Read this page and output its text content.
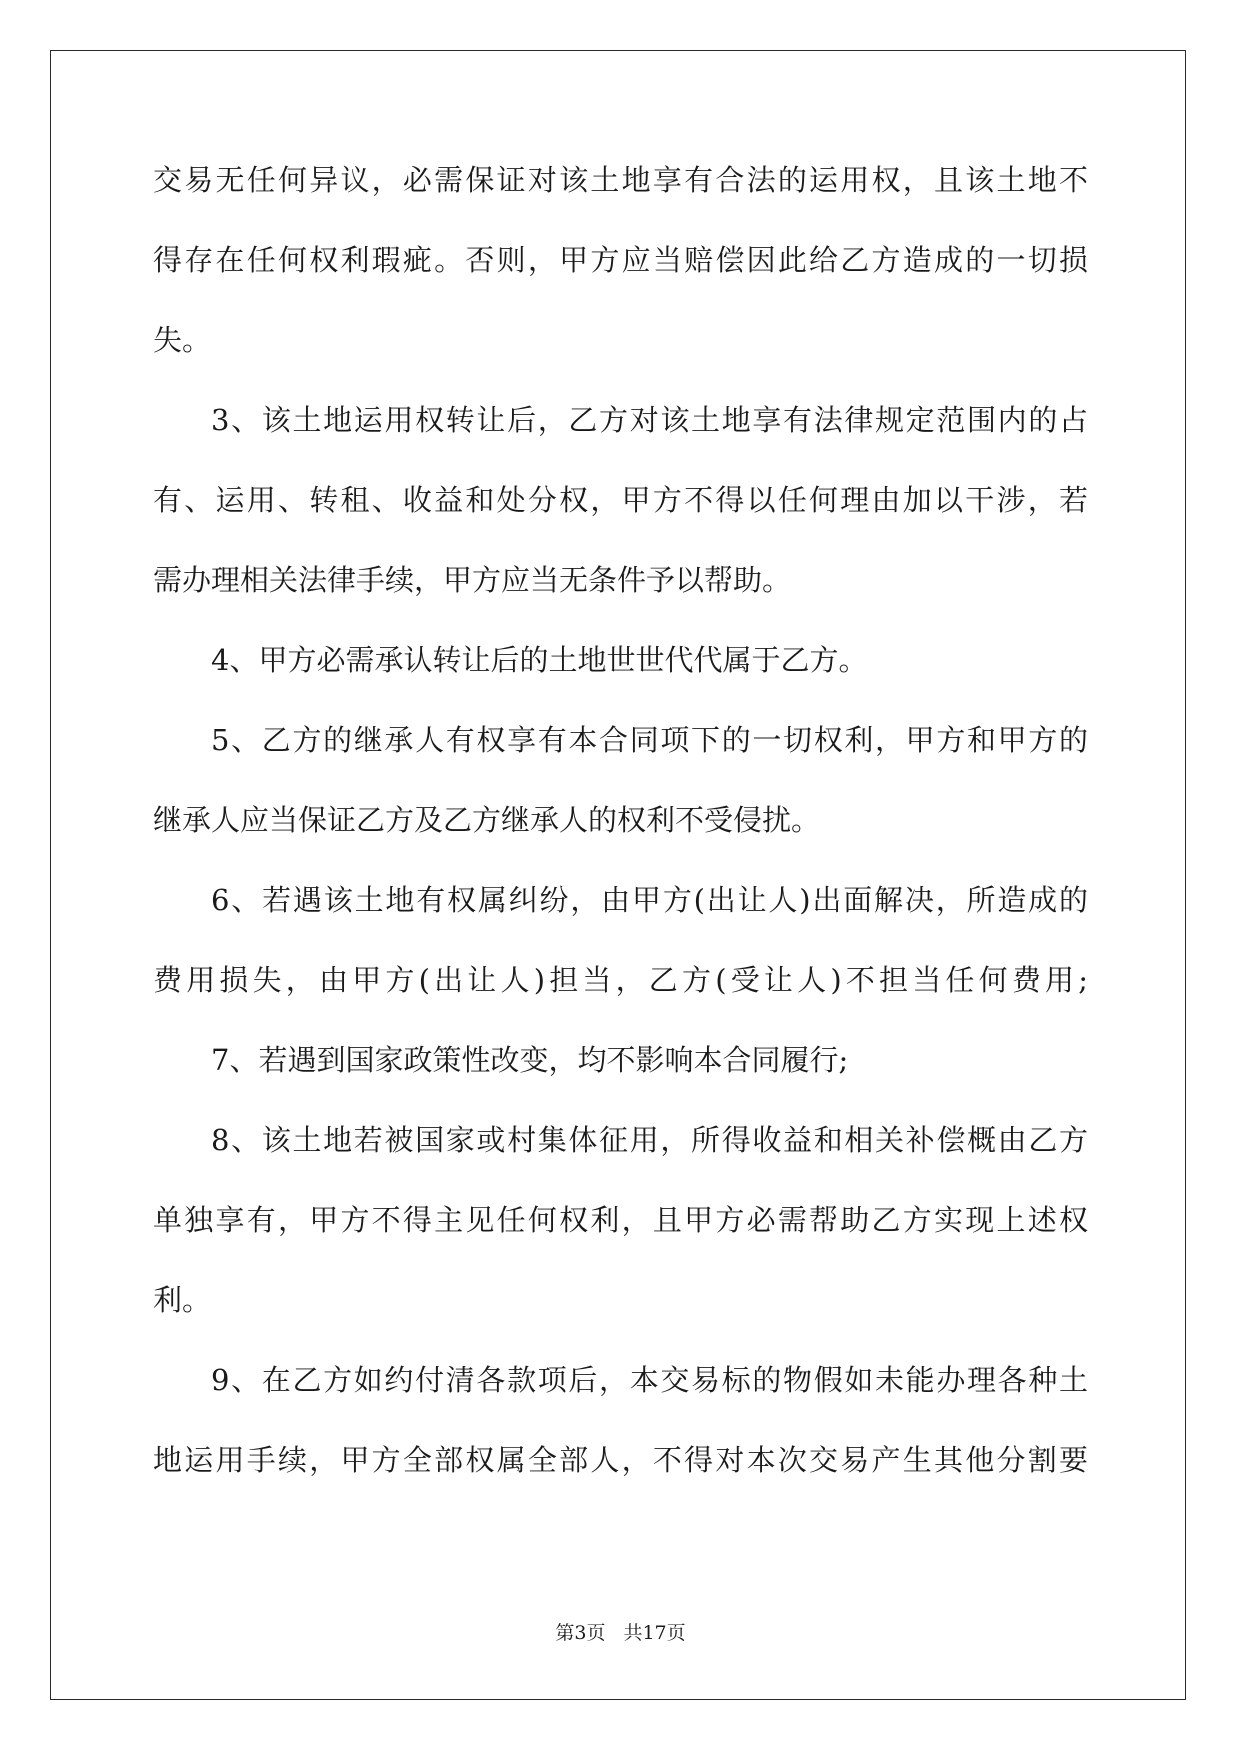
交易无任何异议，必需保证对该土地享有合法的运用权，且该土地不
得存在任何权利瑕疵。否则，甲方应当赔偿因此给乙方造成的一切损
失。
3、该土地运用权转让后，乙方对该土地享有法律规定范围内的占
有、运用、转租、收益和处分权，甲方不得以任何理由加以干涉，若
需办理相关法律手续，甲方应当无条件予以帮助。
4、甲方必需承认转让后的土地世世代代属于乙方。
5、乙方的继承人有权享有本合同项下的一切权利，甲方和甲方的
继承人应当保证乙方及乙方继承人的权利不受侵扰。
6、若遇该土地有权属纠纷，由甲方(出让人)出面解决，所造成的
费用损失，由甲方(出让人)担当，乙方(受让人)不担当任何费用;
7、若遇到国家政策性改变，均不影响本合同履行;
8、该土地若被国家或村集体征用，所得收益和相关补偿概由乙方
单独享有，甲方不得主见任何权利，且甲方必需帮助乙方实现上述权
利。
9、在乙方如约付清各款项后，本交易标的物假如未能办理各种土
地运用手续，甲方全部权属全部人，不得对本次交易产生其他分割要
第3页 共17页
